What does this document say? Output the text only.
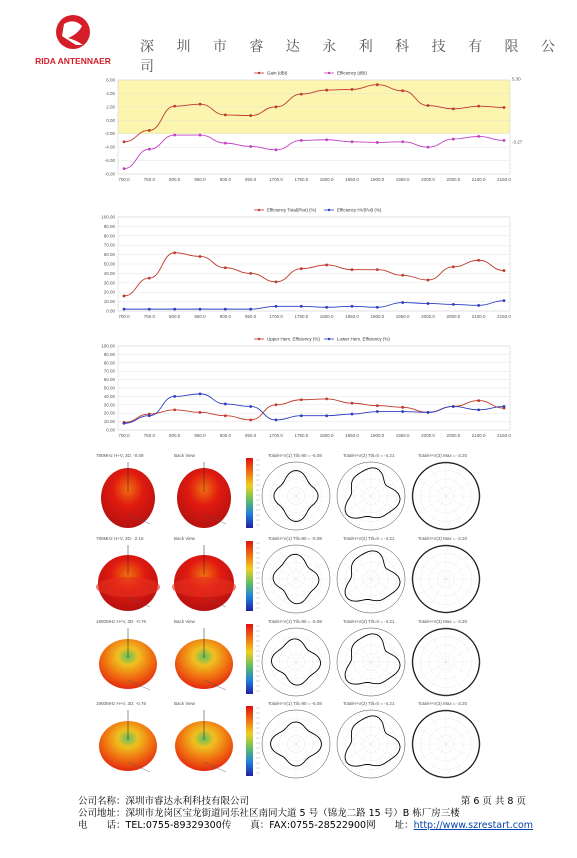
RIDA ANTENNAER
深 圳 市 睿 达 永 利 科 技 有 限 公 司
6.00
4.00
2.00
0.00
-2.00
-4.00
-6.00
-8.00
700.0	750.0	800.0	850.0	900.0	950.0	1700.0	1750.0	1800.0	1850.0	1900.0	1950.0	2000.0	2050.0	2100.0	2150.0
Gain (dBi)	Efficiency (dBi)
5.30
-3.27
100.00
90.00
80.00
70.00
60.00
50.00
40.00
30.00
20.00
10.00
0.00
700.0	750.0	800.0	850.0	900.0	950.0	1700.0	1750.0	1800.0	1850.0	1900.0	1950.0	2000.0	2050.0	2100.0	2150.0
Efficiency Total(Ptot) (%)	Efficiency HV(Pol) (%)
100.00
90.00
80.00
70.00
60.00
50.00
40.00
30.00
20.00
10.00
0.00
700.0	750.0	800.0	850.0	900.0	950.0	1700.0	1750.0	1800.0	1850.0	1900.0	1950.0	2000.0	2050.0	2100.0	2150.0
Upper Hem. Efficiency (%)	Lower Hem. Efficiency (%)
780MHz H+V, 3D: -0.09	Back View	TotalH+V(1) Tilt=90 = -5.08	TotalH+V(2) Tilt=0 = -4.21	TotalH+V(3) Max = -3.20
780MHz H+V, 3D: -2.15	Back View	TotalH+V(1) Tilt=90 = -5.08	TotalH+V(2) Tilt=0 = -4.21	TotalH+V(3) Max = -3.20
1800MHz H+V, 3D: -0.76	Back View	TotalH+V(1) Tilt=90 = -5.08	TotalH+V(2) Tilt=0 = -4.21	TotalH+V(3) Max = -3.20
1900MHz H+V, 3D: -0.76	Back View	TotalH+V(1) Tilt=90 = -5.08	TotalH+V(2) Tilt=0 = -4.21	TotalH+V(3) Max = -3.20
公司名称：深圳市睿达永利科技有限公司	第 6 页 共 8 页
公司地址：深圳市龙岗区宝龙街道同乐社区南同大道 5 号（锦龙二路 15 号）B 栋厂房三楼
电　　话：TEL:0755-89329300 传　　真：FAX:0755-28522900 网　　址：http://www.szrestart.com
